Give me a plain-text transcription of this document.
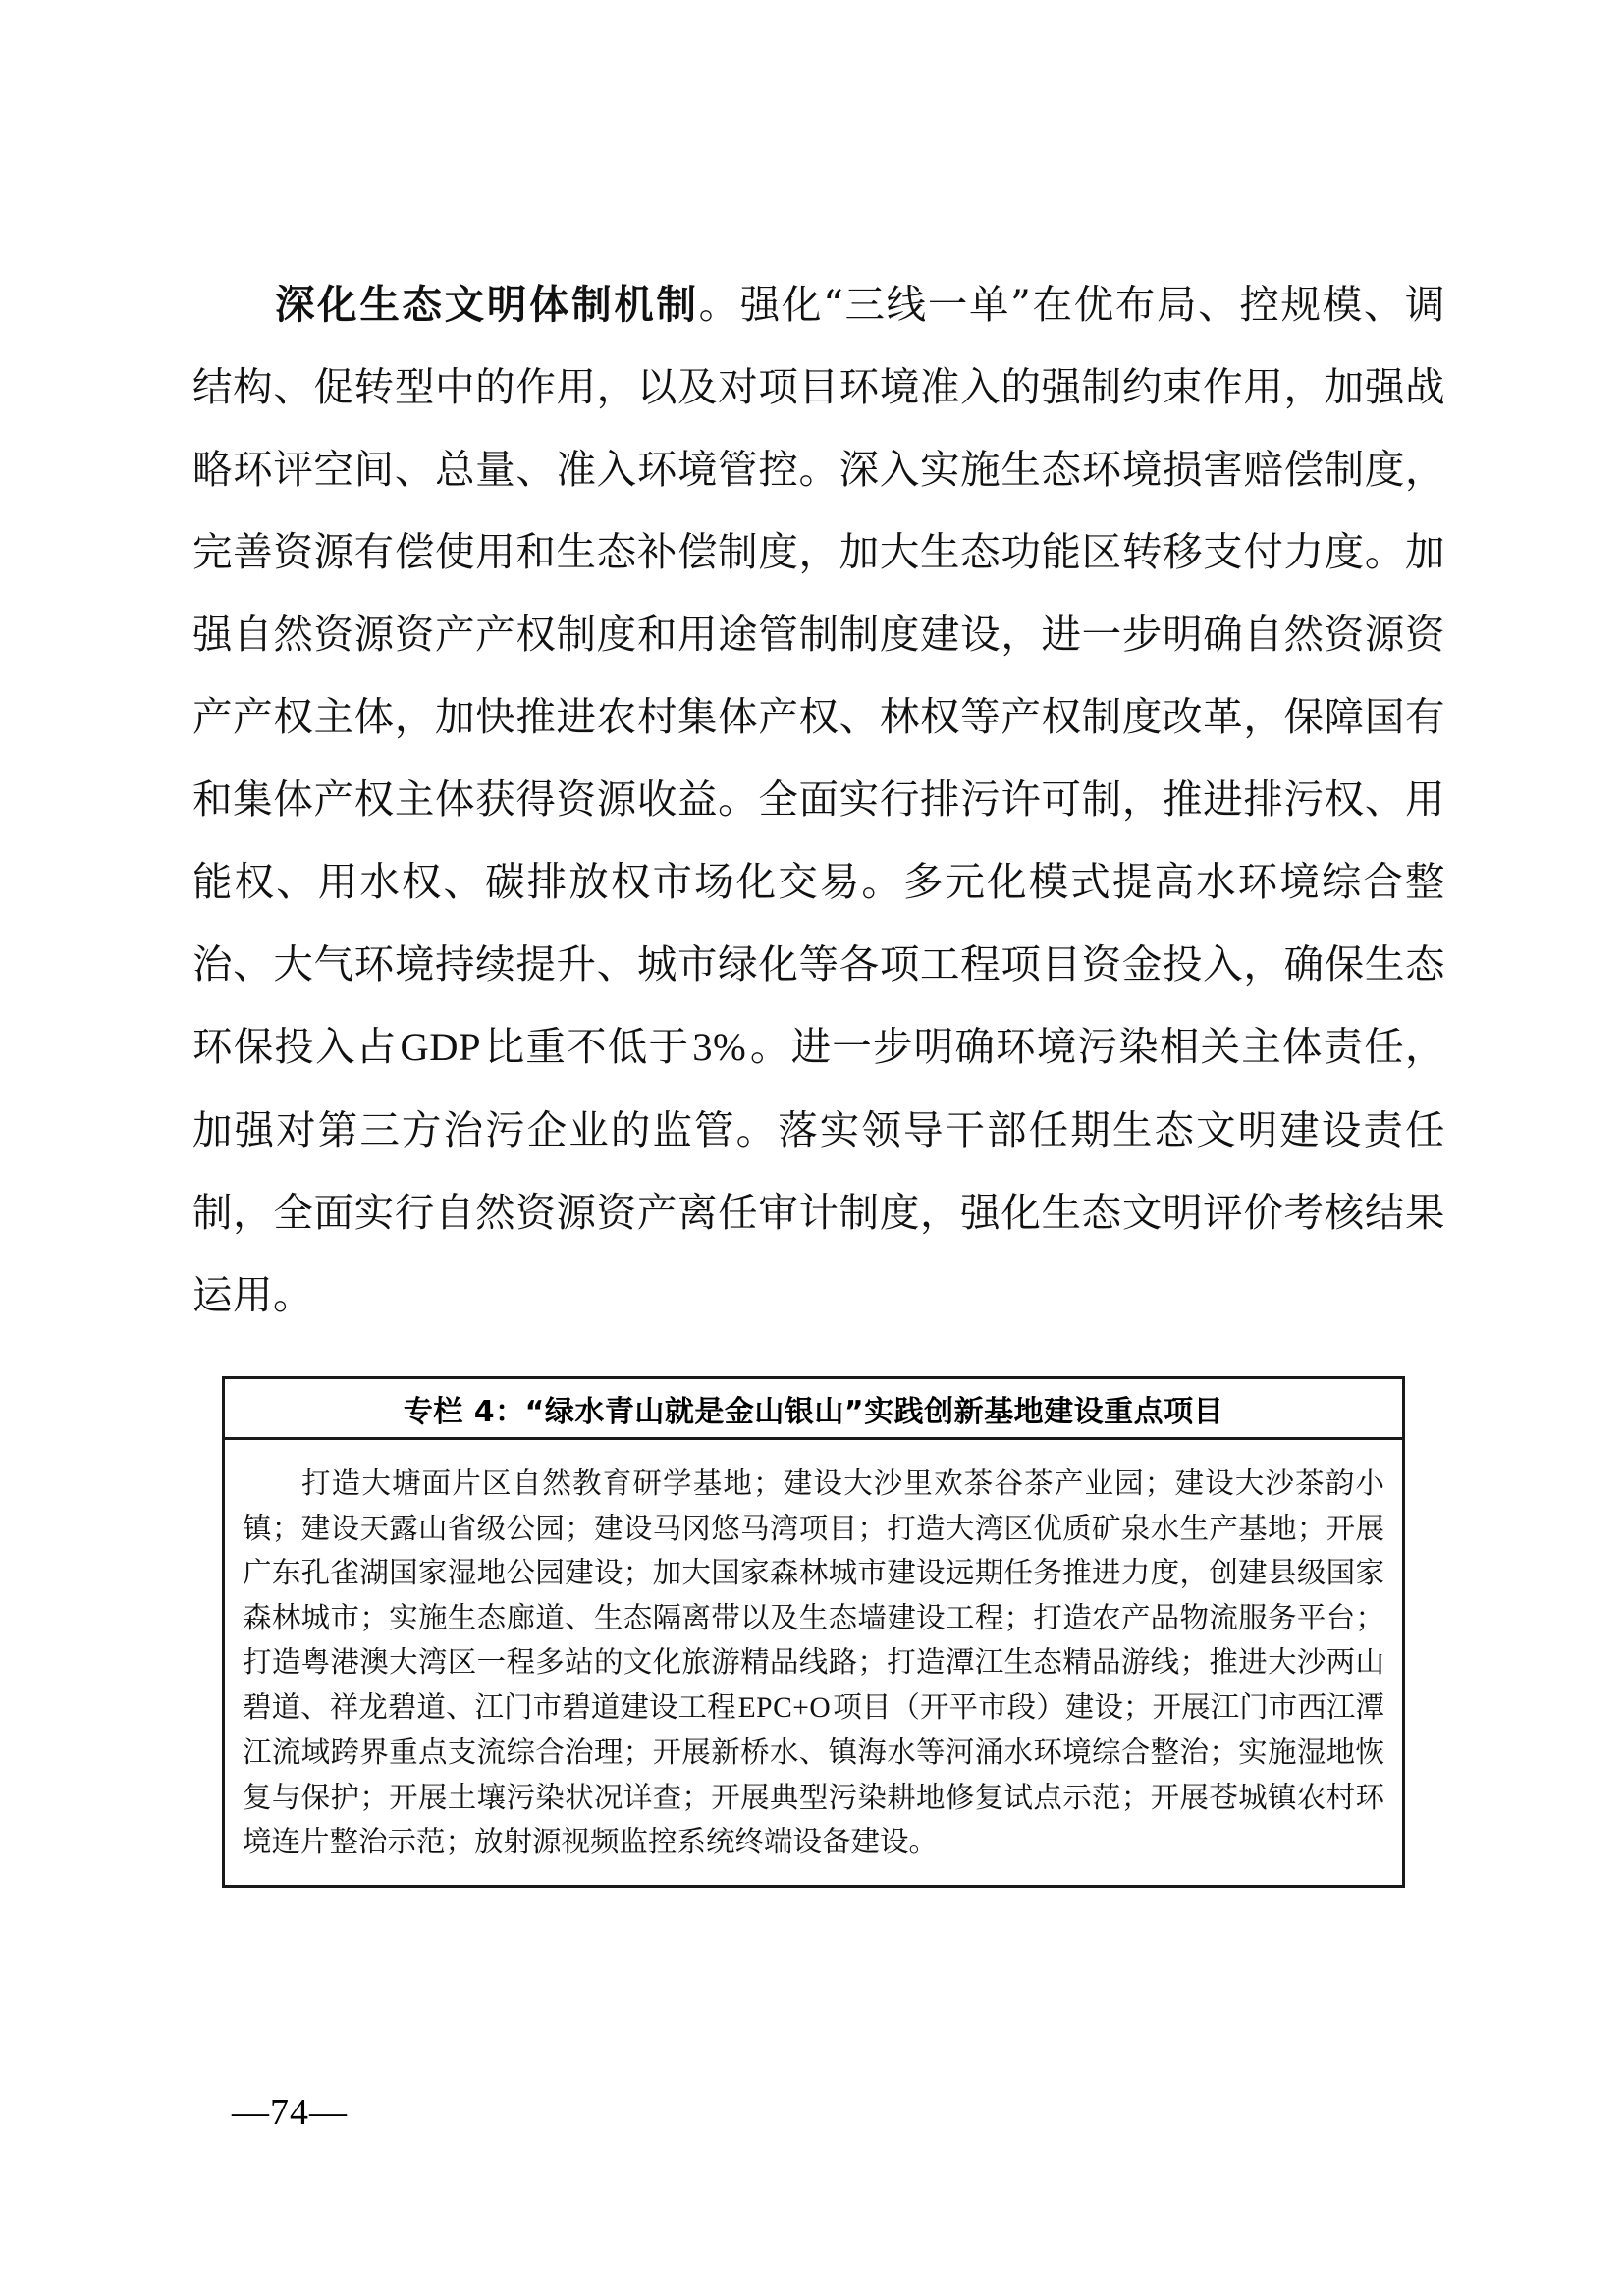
深化生态文明体制机制。强化“三线一单”在优布局、控规模、调结构、促转型中的作用，以及对项目环境准入的强制约束作用，加强战略环评空间、总量、准入环境管控。深入实施生态环境损害赔偿制度，完善资源有偿使用和生态补偿制度，加大生态功能区转移支付力度。加强自然资源资产产权制度和用途管制制度建设，进一步明确自然资源资产产权主体，加快推进农村集体产权、林权等产权制度改革，保障国有和集体产权主体获得资源收益。全面实行排污许可制，推进排污权、用能权、用水权、碳排放权市场化交易。多元化模式提高水环境综合整治、大气环境持续提升、城市绿化等各项工程项目资金投入，确保生态环保投入占GDP比重不低于3%。进一步明确环境污染相关主体责任，加强对第三方治污企业的监管。落实领导干部任期生态文明建设责任制，全面实行自然资源资产离任审计制度，强化生态文明评价考核结果运用。

专栏 4：“绿水青山就是金山银山”实践创新基地建设重点项目

打造大塘面片区自然教育研学基地；建设大沙里欢茶谷茶产业园；建设大沙茶韵小镇；建设天露山省级公园；建设马冈悠马湾项目；打造大湾区优质矿泉水生产基地；开展广东孔雀湖国家湿地公园建设；加大国家森林城市建设远期任务推进力度，创建县级国家森林城市；实施生态廊道、生态隔离带以及生态墙建设工程；打造农产品物流服务平台；打造粤港澳大湾区一程多站的文化旅游精品线路；打造潭江生态精品游线；推进大沙两山碧道、祥龙碧道、江门市碧道建设工程EPC+O项目（开平市段）建设；开展江门市西江潭江流域跨界重点支流综合治理；开展新桥水、镇海水等河涌水环境综合整治；实施湿地恢复与保护；开展土壤污染状况详查；开展典型污染耕地修复试点示范；开展苍城镇农村环境连片整治示范；放射源视频监控系统终端设备建设。

—74—
